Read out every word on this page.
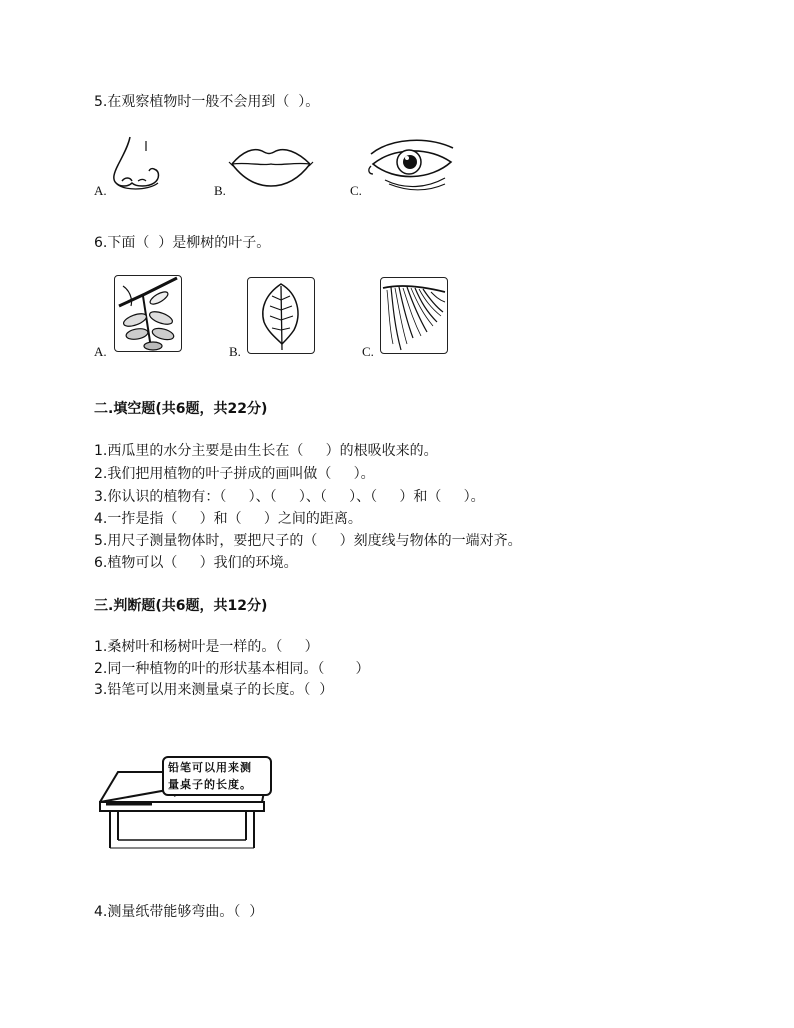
5.在观察植物时一般不会用到（  ）。
A.	B.	C.
6.下面（  ）是柳树的叶子。
A.	B.	C.
二.填空题(共6题，共22分)
1.西瓜里的水分主要是由生长在（     ）的根吸收来的。
2.我们把用植物的叶子拼成的画叫做（     ）。
3.你认识的植物有：（     ）、（     ）、（     ）、（     ）和（     ）。
4.一拃是指（     ）和（     ）之间的距离。
5.用尺子测量物体时，要把尺子的（     ）刻度线与物体的一端对齐。
6.植物可以（     ）我们的环境。
三.判断题(共6题，共12分)
1.桑树叶和杨树叶是一样的。（     ）
2.同一种植物的叶的形状基本相同。（       ）
3.铅笔可以用来测量桌子的长度。（  ）
铅笔可以用来测
量桌子的长度。
4.测量纸带能够弯曲。（  ）
